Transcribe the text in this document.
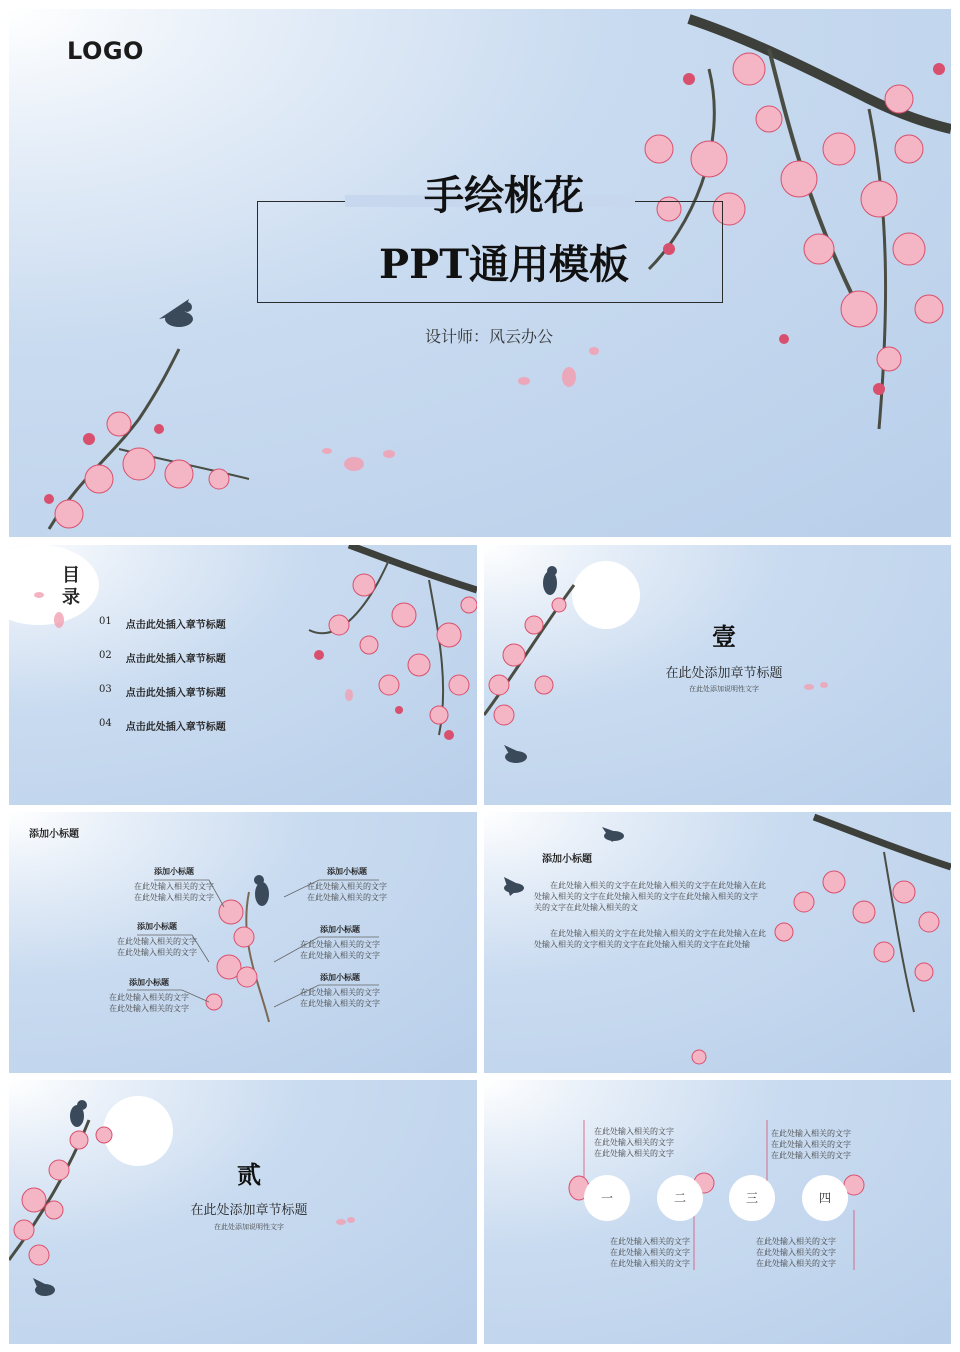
LOGO
手绘桃花
PPT通用模板
设计师：风云办公
目录
01 点击此处插入章节标题
02 点击此处插入章节标题
03 点击此处插入章节标题
04 点击此处插入章节标题
壹
在此处添加章节标题
在此处添加说明性文字
添加小标题
添加小标题
在此处输入相关的文字
在此处输入相关的文字
添加小标题
在此处输入相关的文字
在此处输入相关的文字
添加小标题
在此处输入相关的文字
在此处输入相关的文字
添加小标题
在此处输入相关的文字
在此处输入相关的文字
添加小标题
在此处输入相关的文字
在此处输入相关的文字
添加小标题
在此处输入相关的文字
在此处输入相关的文字
添加小标题
在此处输入相关的文字在此处输入相关的文字在此处输入在此
处输入相关的文字在此处输入相关的文字在此处输入相关的文字
关的文字在此处输入相关的文
在此处输入相关的文字在此处输入相关的文字在此处输入在此
处输入相关的文字相关的文字在此处输入相关的文字在此处输
贰
在此处添加章节标题
在此处添加说明性文字
一	二	三	四
在此处输入相关的文字
在此处输入相关的文字
在此处输入相关的文字
在此处输入相关的文字
在此处输入相关的文字
在此处输入相关的文字
在此处输入相关的文字
在此处输入相关的文字
在此处输入相关的文字
在此处输入相关的文字
在此处输入相关的文字
在此处输入相关的文字
